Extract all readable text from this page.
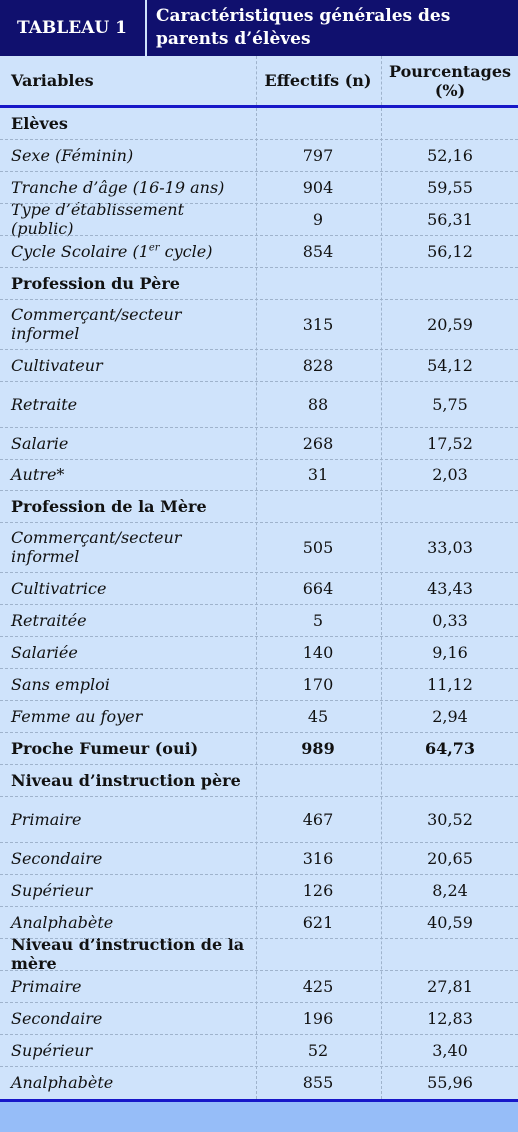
TABLEAU 1
Caractéristiques générales des parents d’élèves
Variables	Effectifs (n)	Pourcentages (%)
Elèves
Sexe (Féminin)	797	52,16
Tranche d’âge (16-19 ans)	904	59,55
Type d’établissement (public)	9	56,31
Cycle Scolaire (1er cycle)	854	56,12
Profession du Père
Commerçant/secteur informel	315	20,59
Cultivateur	828	54,12
Retraite	88	5,75
Salarie	268	17,52
Autre*	31	2,03
Profession de la Mère
Commerçant/secteur informel	505	33,03
Cultivatrice	664	43,43
Retraitée	5	0,33
Salariée	140	9,16
Sans emploi	170	11,12
Femme au foyer	45	2,94
Proche Fumeur (oui)	989	64,73
Niveau d’instruction père
Primaire	467	30,52
Secondaire	316	20,65
Supérieur	126	8,24
Analphabète	621	40,59
Niveau d’instruction de la mère
Primaire	425	27,81
Secondaire	196	12,83
Supérieur	52	3,40
Analphabète	855	55,96
